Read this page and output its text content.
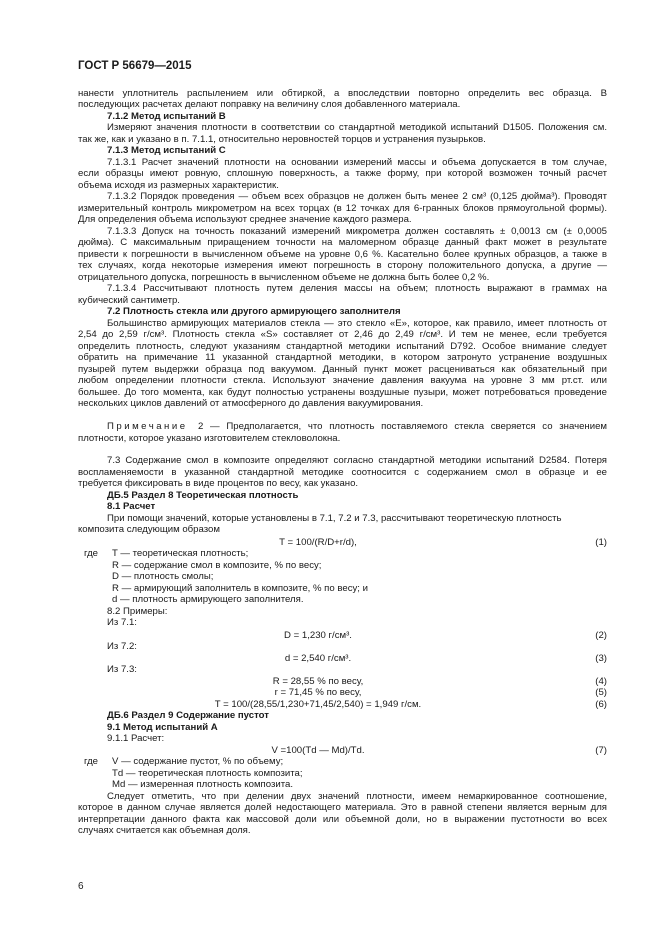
ГОСТ Р 56679—2015
нанести уплотнитель распылением или обтиркой, а впоследствии повторно определить вес образца. В
последующих расчетах делают поправку на величину слоя добавленного материала.
7.1.2 Метод испытаний В
Измеряют значения плотности в соответствии со стандартной методикой испытаний D1505. Положения см.
так же, как и указано в п. 7.1.1, относительно неровностей торцов и устранения пузырьков.
7.1.3 Метод испытаний С
7.1.3.1 Расчет значений плотности на основании измерений массы и объема допускается в том случае,
если образцы имеют ровную, сплошную поверхность, а также форму, при которой возможен точный расчет
объема исходя из размерных характеристик.
7.1.3.2 Порядок проведения — объем всех образцов не должен быть менее 2 см³ (0,125 дюйма³). Проводят
измерительный контроль микрометром на всех торцах (в 12 точках для 6-гранных блоков прямоугольной формы).
Для определения объема используют среднее значение каждого размера.
7.1.3.3 Допуск на точность показаний измерений микрометра должен составлять ± 0,0013 см (± 0,0005
дюйма). С максимальным приращением точности на маломерном образце данный факт может в результате
привести к погрешности в вычисленном объеме на уровне 0,6 %. Касательно более крупных образцов, а также в
тех случаях, когда некоторые измерения имеют погрешность в сторону положительного допуска, а другие —
отрицательного допуска, погрешность в вычисленном объеме не должна быть более 0,2 %.
7.1.3.4 Рассчитывают плотность путем деления массы на объем; плотность выражают в граммах на
кубический сантиметр.
7.2 Плотность стекла или другого армирующего заполнителя
Большинство армирующих материалов стекла — это стекло «Е», которое, как правило, имеет плотность от
2,54 до 2,59 г/см³. Плотность стекла «S» составляет от 2,46 до 2,49 г/см³. И тем не менее, если требуется
определить плотность, следуют указаниям стандартной методики испытаний D792. Особое внимание следует
обратить на примечание 11 указанной стандартной методики, в котором затронуто устранение воздушных
пузырей путем выдержки образца под вакуумом. Данный пункт может расцениваться как обязательный при
любом определении плотности стекла. Используют значение давления вакуума на уровне 3 мм рт.ст. или
большее. До того момента, как будут полностью устранены воздушные пузыри, может потребоваться проведение
нескольких циклов давлений от атмосферного до давления вакуумирования.
Примечание 2 — Предполагается, что плотность поставляемого стекла сверяется со значением
плотности, которое указано изготовителем стекловолокна.
7.3 Содержание смол в композите определяют согласно стандартной методики испытаний D2584. Потеря
воспламеняемости в указанной стандартной методике соотносится с содержанием смол в образце и ее
требуется фиксировать в виде процентов по весу, как указано.
ДБ.5 Раздел 8 Теоретическая плотность
8.1 Расчет
При помощи значений, которые установлены в 7.1, 7.2 и 7.3, рассчитывают теоретическую плотность
композита следующим образом
T = 100/(R/D+r/d),	(1)
где T — теоретическая плотность;
R — содержание смол в композите, % по весу;
D — плотность смолы;
R — армирующий заполнитель в композите, % по весу; и
d — плотность армирующего заполнителя.
8.2 Примеры:
Из 7.1:
D = 1,230 г/см³.	(2)
Из 7.2:
d = 2,540 г/см³.	(3)
Из 7.3:
R = 28,55 % по весу,	(4)
r = 71,45 % по весу,	(5)
T = 100/(28,55/1,230+71,45/2,540) = 1,949 г/см.	(6)
ДБ.6 Раздел 9 Содержание пустот
9.1 Метод испытаний А
9.1.1 Расчет:
V =100(Td — Md)/Td.	(7)
где V — содержание пустот, % по объему;
Td — теоретическая плотность композита;
Md — измеренная плотность композита.
Следует отметить, что при делении двух значений плотности, имеем немаркированное соотношение,
которое в данном случае является долей недостающего материала. Это в равной степени является верным для
интерпретации данного факта как массовой доли или объемной доли, но в выражении пустотности во всех
случаях считается как объемная доля.
6
